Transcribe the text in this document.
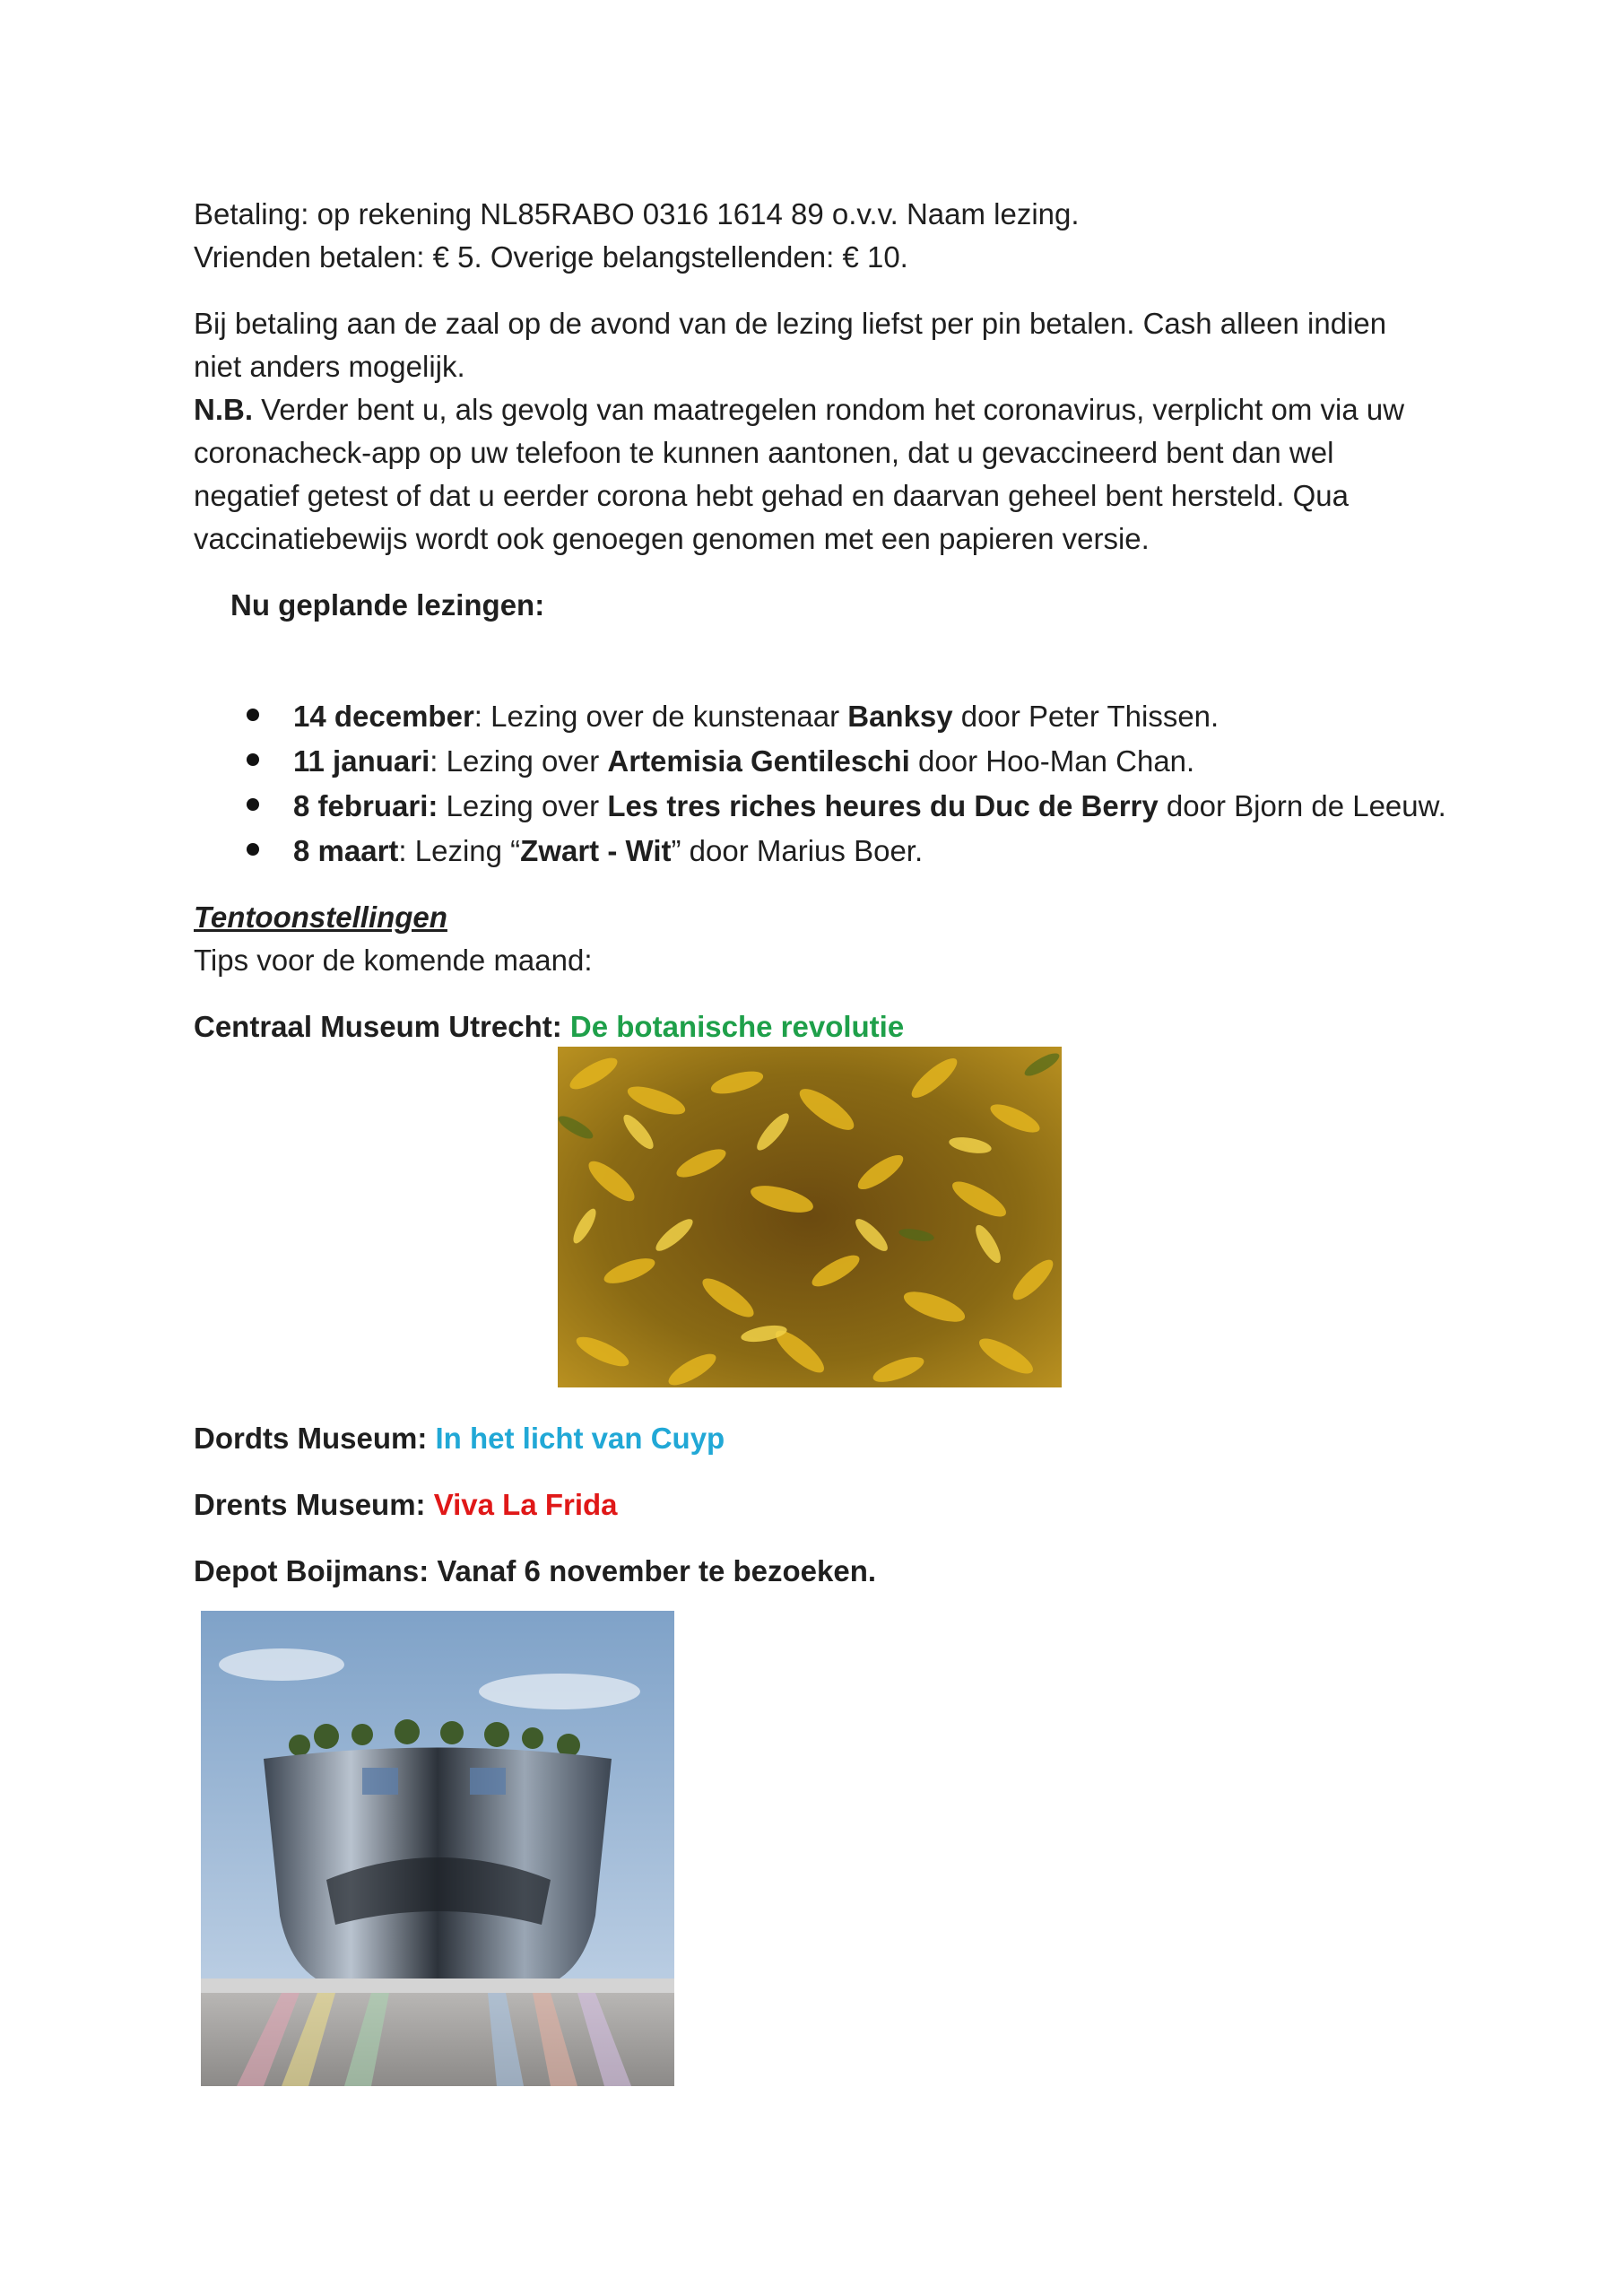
Betaling: op rekening NL85RABO 0316 1614 89 o.v.v. Naam lezing.
Vrienden betalen: € 5. Overige belangstellenden: € 10.
Bij betaling aan de zaal op de avond van de lezing liefst per pin betalen. Cash alleen indien
niet anders mogelijk.
N.B. Verder bent u, als gevolg van maatregelen rondom het coronavirus, verplicht om via uw
coronacheck-app op uw telefoon te kunnen aantonen, dat u gevaccineerd bent dan wel
negatief getest of dat u eerder corona hebt gehad en daarvan geheel bent hersteld. Qua
vaccinatiebewijs wordt ook genoegen genomen met een papieren versie.
Nu geplande lezingen:
14 december: Lezing over de kunstenaar Banksy door Peter Thissen.
11 januari: Lezing over Artemisia Gentileschi door Hoo-Man Chan.
8 februari: Lezing over Les tres riches heures du Duc de Berry door Bjorn de Leeuw.
8 maart: Lezing “Zwart - Wit” door Marius Boer.
Tentoonstellingen
Tips voor de komende maand:
Centraal Museum Utrecht: De botanische revolutie
Dordts Museum: In het licht van Cuyp
Drents Museum: Viva La Frida
Depot Boijmans: Vanaf 6 november te bezoeken.
